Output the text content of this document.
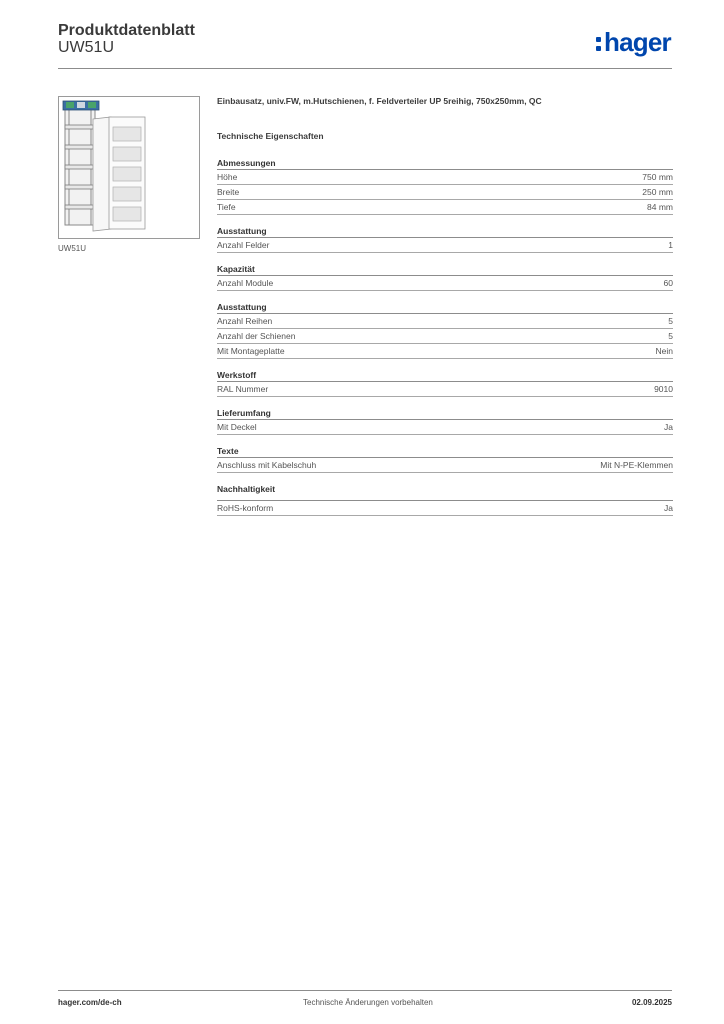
Produktdatenblatt
UW51U	hager
UW51U
Einbausatz, univ.FW, m.Hutschienen, f. Feldverteiler UP 5reihig, 750x250mm, QC
Technische Eigenschaften
Abmessungen
Höhe	750 mm
Breite	250 mm
Tiefe	84 mm
Ausstattung
Anzahl Felder	1
Kapazität
Anzahl Module	60
Ausstattung
Anzahl Reihen	5
Anzahl der Schienen	5
Mit Montageplatte	Nein
Werkstoff
RAL Nummer	9010
Lieferumfang
Mit Deckel	Ja
Texte
Anschluss mit Kabelschuh	Mit N-PE-Klemmen
Nachhaltigkeit
RoHS-konform	Ja
hager.com/de-ch	Technische Änderungen vorbehalten	02.09.2025
